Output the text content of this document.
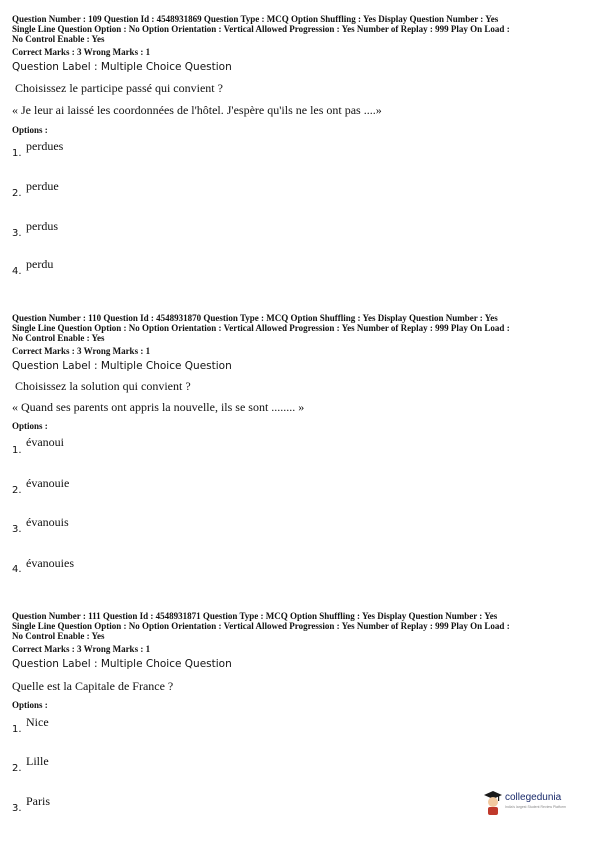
Question Number : 109 Question Id : 4548931869 Question Type : MCQ Option Shuffling : Yes Display Question Number : Yes
Single Line Question Option : No Option Orientation : Vertical Allowed Progression : Yes Number of Replay : 999 Play On Load :
No Control Enable : Yes
Correct Marks : 3 Wrong Marks : 1
Question Label : Multiple Choice Question
Choisissez le participe passé qui convient ?
« Je leur ai laissé les coordonnées de l'hôtel. J'espère qu'ils ne les ont pas ....»
Options :
1.
perdues
2.
perdue
3.
perdus
4.
perdu
Question Number : 110 Question Id : 4548931870 Question Type : MCQ Option Shuffling : Yes Display Question Number : Yes
Single Line Question Option : No Option Orientation : Vertical Allowed Progression : Yes Number of Replay : 999 Play On Load :
No Control Enable : Yes
Correct Marks : 3 Wrong Marks : 1
Question Label : Multiple Choice Question
Choisissez la solution qui convient ?
« Quand ses parents ont appris la nouvelle, ils se sont ........ »
Options :
1.
évanoui
2.
évanouie
3.
évanouis
4. évanouies
Question Number : 111 Question Id : 4548931871 Question Type : MCQ Option Shuffling : Yes Display Question Number : Yes
Single Line Question Option : No Option Orientation : Vertical Allowed Progression : Yes Number of Replay : 999 Play On Load :
No Control Enable : Yes
Correct Marks : 3 Wrong Marks : 1
Question Label : Multiple Choice Question
Quelle est la Capitale de France ?
Options :
1.
Nice
2.
Lille
3.
Paris	collegedunia
India's largest Student Review Platform
